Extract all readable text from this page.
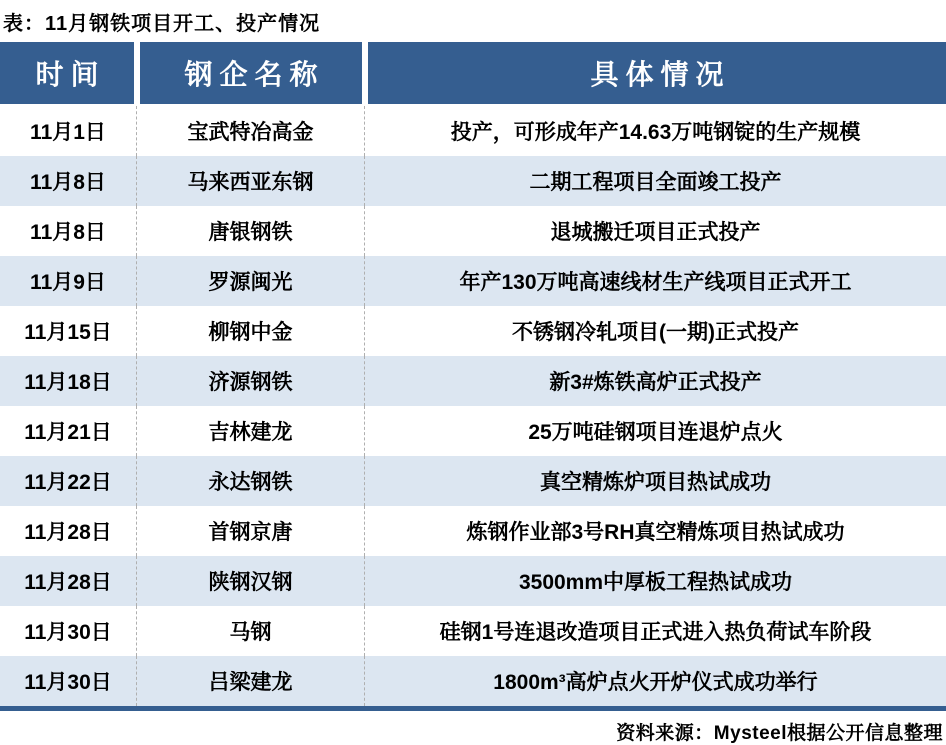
表：11月钢铁项目开工、投产情况
时间	钢企名称	具体情况
11月1日	宝武特冶高金	投产，可形成年产14.63万吨钢锭的生产规模
11月8日	马来西亚东钢	二期工程项目全面竣工投产
11月8日	唐银钢铁	退城搬迁项目正式投产
11月9日	罗源闽光	年产130万吨高速线材生产线项目正式开工
11月15日	柳钢中金	不锈钢冷轧项目(一期)正式投产
11月18日	济源钢铁	新3#炼铁高炉正式投产
11月21日	吉林建龙	25万吨硅钢项目连退炉点火
11月22日	永达钢铁	真空精炼炉项目热试成功
11月28日	首钢京唐	炼钢作业部3号RH真空精炼项目热试成功
11月28日	陕钢汉钢	3500mm中厚板工程热试成功
11月30日	马钢	硅钢1号连退改造项目正式进入热负荷试车阶段
11月30日	吕梁建龙	1800m³高炉点火开炉仪式成功举行
资料来源：Mysteel根据公开信息整理
